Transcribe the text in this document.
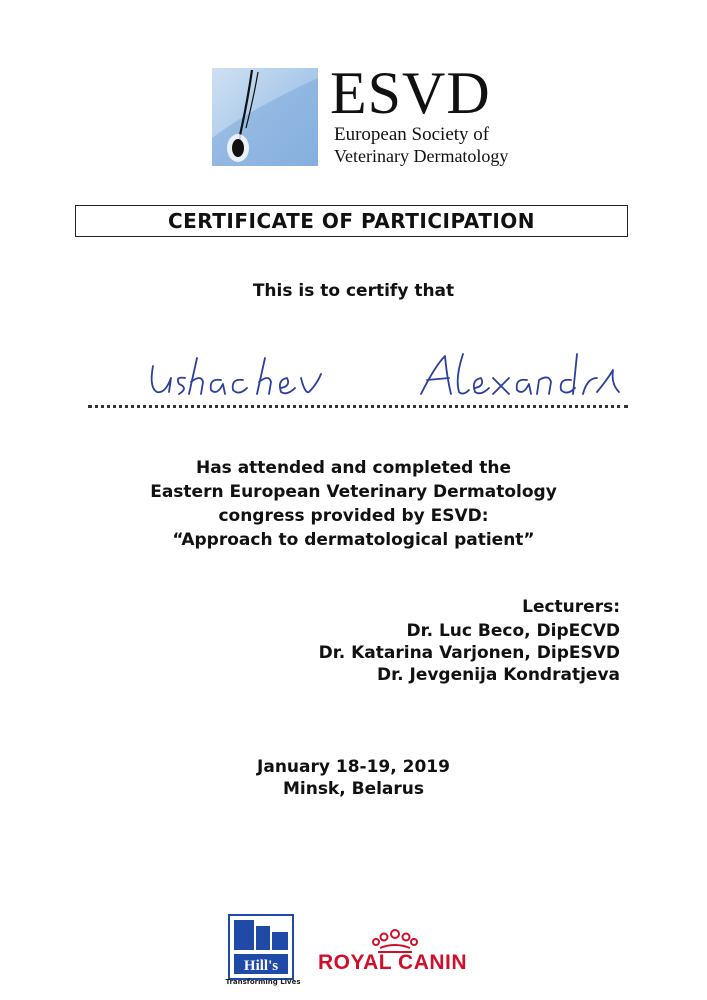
ESVD
European Society of
Veterinary Dermatology
CERTIFICATE OF PARTICIPATION
This is to certify that
Has attended and completed the
Eastern European Veterinary Dermatology
congress provided by ESVD:
“Approach to dermatological patient”
Lecturers:
Dr. Luc Beco, DipECVD
Dr. Katarina Varjonen, DipESVD
Dr. Jevgenija Kondratjeva
January 18-19, 2019
Minsk, Belarus
Hill's
Transforming Lives
ROYAL CANIN
